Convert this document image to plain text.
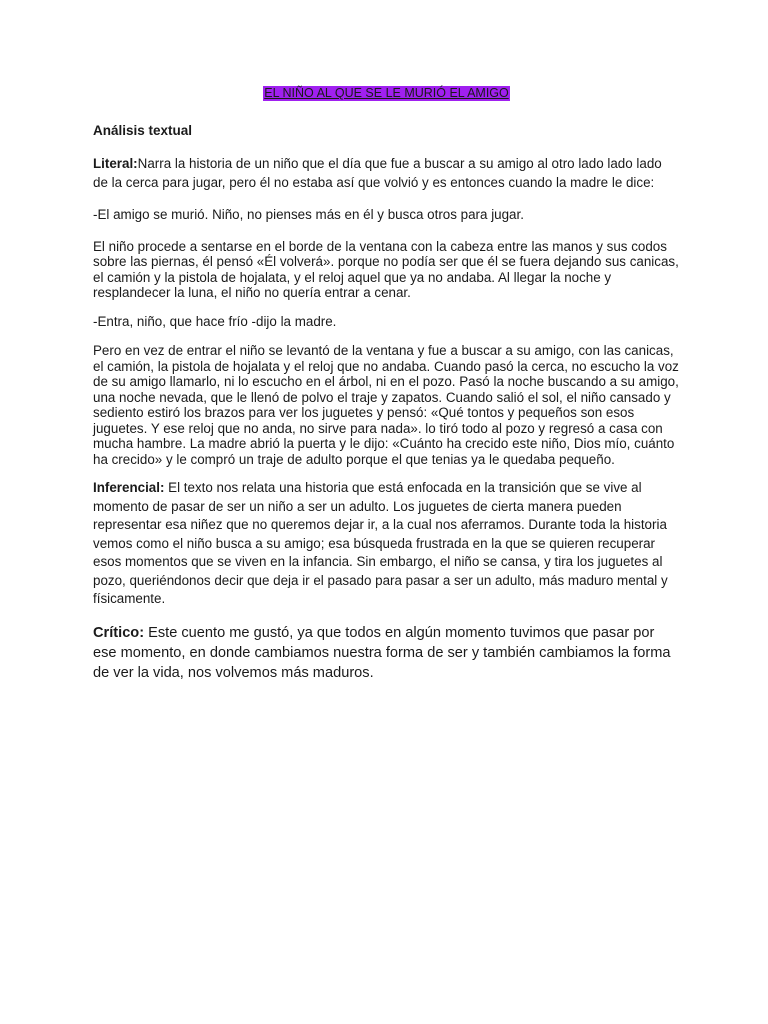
EL NIÑO AL QUE SE LE MURIÓ EL AMIGO
Análisis textual

Literal:Narra la historia de un niño que el día que fue a buscar a su amigo al otro lado lado lado de la cerca para jugar, pero él no estaba así que volvió y es entonces cuando la madre le dice:

-El amigo se murió. Niño, no pienses más en él y busca otros para jugar.

El niño procede a sentarse en el borde de la ventana con la cabeza entre las manos y sus codos sobre las piernas, él pensó «Él volverá». porque no podía ser que él se fuera dejando sus canicas, el camión y la pistola de hojalata, y el reloj aquel que ya no andaba. Al llegar la noche y resplandecer la luna, el niño no quería entrar a cenar.

-Entra, niño, que hace frío -dijo la madre.

Pero en vez de entrar el niño se levantó de la ventana y fue a buscar a su amigo, con las canicas, el camión, la pistola de hojalata y el reloj que no andaba. Cuando pasó la cerca, no escucho la voz de su amigo llamarlo, ni lo escucho en el árbol, ni en el pozo. Pasó la noche buscando a su amigo, una noche nevada, que le llenó de polvo el traje y zapatos. Cuando salió el sol, el niño cansado y sediento estiró los brazos para ver los juguetes y pensó: «Qué tontos y pequeños son esos juguetes. Y ese reloj que no anda, no sirve para nada». lo tiró todo al pozo y regresó a casa con mucha hambre. La madre abrió la puerta y le dijo: «Cuánto ha crecido este niño, Dios mío, cuánto ha crecido» y le compró un traje de adulto porque el que tenias ya le quedaba pequeño.

Inferencial: El texto nos relata una historia que está enfocada en la transición que se vive al momento de pasar de ser un niño a ser un adulto. Los juguetes de cierta manera pueden representar esa niñez que no queremos dejar ir, a la cual nos aferramos. Durante toda la historia vemos como el niño busca a su amigo; esa búsqueda frustrada en la que se quieren recuperar esos momentos que se viven en la infancia. Sin embargo, el niño se cansa, y tira los juguetes al pozo, queriéndonos decir que deja ir el pasado para pasar a ser un adulto, más maduro mental y físicamente.

Crítico: Este cuento me gustó, ya que todos en algún momento tuvimos que pasar por ese momento, en donde cambiamos nuestra forma de ser y también cambiamos la forma de ver la vida, nos volvemos más maduros.
